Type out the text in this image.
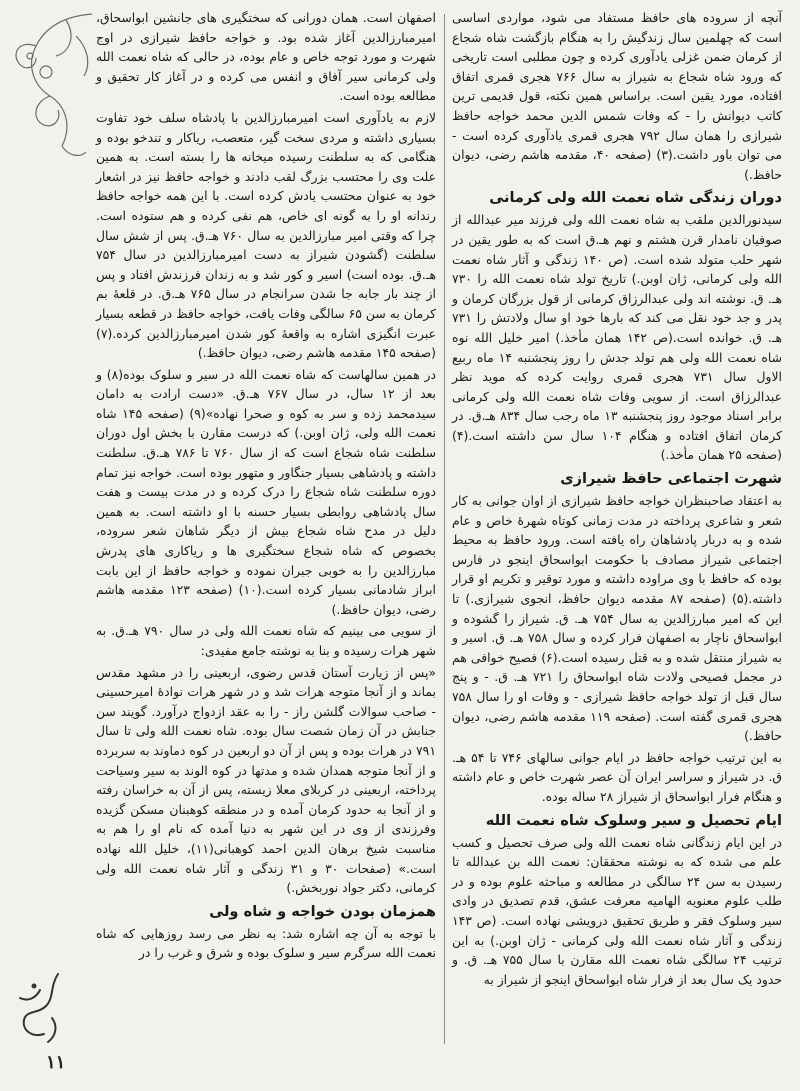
آنچه از سروده های حافظ مستفاد می شود، مواردی اساسی است که چهلمین سال زندگیش را به هنگام بازگشت شاه شجاع از کرمان ضمن غزلی یادآوری کرده و چون مطلبی است تاریخی که ورود شاه شجاع به شیراز به سال ۷۶۶ هجری قمری اتفاق افتاده، مورد یقین است. براساس همین نکته، قول قدیمی ترین کاتب دیوانش را - که وفات شمس الدین محمد خواجه حافظ شیرازی را همان سال ۷۹۲ هجری قمری یادآوری کرده است - می توان باور داشت.(۳) (صفحه ۴۰، مقدمه هاشم رضی، دیوان حافظ.)

دوران زندگی شاه نعمت الله ولی کرمانی

سیدنورالدین ملقب به شاه نعمت الله ولی فرزند میر عبدالله از صوفیان نامدار قرن هشتم و نهم هـ.ق است که به طور یقین در شهر حلب متولد شده است. (ص ۱۴۰ زندگی و آثار شاه نعمت الله ولی کرمانی، ژان اوبن.) تاریخ تولد شاه نعمت الله را ۷۳۰ هـ. ق. نوشته اند ولی عبدالرزاق کرمانی از قول بزرگان کرمان و پدر و جد خود نقل می کند که بارها خود او سال ولادتش را ۷۳۱ هـ. ق. خوانده است.(ص ۱۴۲ همان مأخذ.) امیر خلیل الله نوه شاه نعمت الله ولی هم تولد جدش را روز پنجشنبه ۱۴ ماه ربیع الاول سال ۷۳۱ هجری قمری روایت کرده که موید نظر عبدالرزاق است. از سویی وفات شاه نعمت الله ولی کرمانی برابر اسناد موجود روز پنجشنبه ۱۳ ماه رجب سال ۸۳۴ هـ.ق. در کرمان اتفاق افتاده و هنگام ۱۰۴ سال سن داشته است.(۴) (صفحه ۲۵ همان مأخذ.)

شهرت اجتماعی حافظ شیرازی

به اعتقاد صاحبنظران خواجه حافظ شیرازی از اوان جوانی به کار شعر و شاعری پرداخته در مدت زمانی کوتاه شهرهٔ خاص و عام شده و به دربار پادشاهان راه یافته است. ورود حافظ به محیط اجتماعی شیراز مصادف با حکومت ابواسحاق اینجو در فارس بوده که حافظ با وی مراوده داشته و مورد توقیر و تکریم او قرار داشته.(۵) (صفحه ۸۷ مقدمه دیوان حافظ، انجوی شیرازی.) تا این که امیر مبارزالدین به سال ۷۵۴ هـ. ق. شیراز را گشوده و ابواسحاق ناچار به اصفهان فرار کرده و سال ۷۵۸ هـ. ق. اسیر و به شیراز منتقل شده و به قتل رسیده است.(۶) فصیح خوافی هم در مجمل فصیحی ولادت شاه ابواسحاق را ۷۲۱ هـ. ق. - و پنج سال قبل از تولد خواجه حافظ شیرازی - و وفات او را سال ۷۵۸ هجری قمری گفته است. (صفحه ۱۱۹ مقدمه هاشم رضی، دیوان حافظ.)

به این ترتیب خواجه حافظ در ایام جوانی سالهای ۷۴۶ تا ۵۴ هـ. ق. در شیراز و سراسر ایران آن عصر شهرت خاص و عام داشته و هنگام فرار ابواسحاق از شیراز ۲۸ ساله بوده.

ایام تحصیل و سیر وسلوک شاه نعمت الله

در این ایام زندگانی شاه نعمت الله ولی صرف تحصیل و کسب علم می شده که به نوشته محققان: نعمت الله بن عبدالله تا رسیدن به سن ۲۴ سالگی در مطالعه و مباحثه علوم بوده و در طلب علوم معنویه الهامیه معرفت عشق، قدم تصدیق در وادی سیر وسلوک فقر و طریق تحقیق درویشی نهاده است. (ص ۱۴۳ زندگی و آثار شاه نعمت الله ولی کرمانی - ژان اوبن.) به این ترتیب ۲۴ سالگی شاه نعمت الله مقارن با سال ۷۵۵ هـ. ق. و حدود یک سال بعد از فرار شاه ابواسحاق اینجو از شیراز به

اصفهان است. همان دورانی که سختگیری های جانشین ابواسحاق، امیرمبارزالدین آغاز شده بود. و خواجه حافظ شیرازی در اوج شهرت و مورد توجه خاص و عام بوده، در حالی که شاه نعمت الله ولی کرمانی سیر آفاق و انفس می کرده و در آغاز کار تحقیق و مطالعه بوده است.

لازم به یادآوری است امیرمبارزالدین با پادشاه سلف خود تفاوت بسیاری داشته و مردی سخت گیر، متعصب، ریاکار و تندخو بوده و هنگامی که به سلطنت رسیده میخانه ها را بسته است. به همین علت وی را محتسب بزرگ لقب دادند و خواجه حافظ نیز در اشعار خود به عنوان محتسب یادش کرده است. با این همه خواجه حافظ رندانه او را به گونه ای خاص، هم نفی کرده و هم ستوده است. چرا که وقتی امیر مبارزالدین به سال ۷۶۰ هـ.ق. پس از شش سال سلطنت (گشودن شیراز به دست امیرمبارزالدین در سال ۷۵۴ هـ.ق. بوده است) اسیر و کور شد و به زندان فرزندش افتاد و پس از چند بار جابه جا شدن سرانجام در سال ۷۶۵ هـ.ق. در قلعهٔ بم کرمان به سن ۶۵ سالگی وفات یافت، خواجه حافظ در قطعه بسیار عبرت انگیزی اشاره به واقعهٔ کور شدن امیرمبارزالدین کرده.(۷) (صفحه ۱۴۵ مقدمه هاشم رضی، دیوان حافظ.)

در همین سالهاست که شاه نعمت الله در سیر و سلوک بوده(۸) و بعد از ۱۲ سال، در سال ۷۶۷ هـ.ق. «دست ارادت به دامان سیدمحمد زده و سر به کوه و صحرا نهاده»(۹) (صفحه ۱۴۵ شاه نعمت الله ولی، ژان اوبن.) که درست مقارن با بخش اول دوران سلطنت شاه شجاع است که از سال ۷۶۰ تا ۷۸۶ هـ.ق. سلطنت داشته و پادشاهی بسیار جنگاور و متهور بوده است. خواجه نیز تمام دوره سلطنت شاه شجاع را درک کرده و در مدت بیست و هفت سال پادشاهی روابطی بسیار حسنه با او داشته است. به همین دلیل در مدح شاه شجاع بیش از دیگر شاهان شعر سروده، بخصوص که شاه شجاع سختگیری ها و ریاکاری های پدرش مبارزالدین را به خوبی جبران نموده و خواجه حافظ از این بابت ابراز شادمانی بسیار کرده است.(۱۰) (صفحه ۱۲۳ مقدمه هاشم رضی، دیوان حافظ.)

از سویی می بینیم که شاه نعمت الله ولی در سال ۷۹۰ هـ.ق. به شهر هرات رسیده و بنا به نوشته جامع مفیدی:

«پس از زیارت آستان قدس رضوی، اربعینی را در مشهد مقدس بماند و از آنجا متوجه هرات شد و در شهر هرات نوادهٔ امیرحسینی - صاحب سوالات گلشن راز - را به عقد ازدواج درآورد. گویند سن جنابش در آن زمان شصت سال بوده. شاه نعمت الله ولی تا سال ۷۹۱ در هرات بوده و پس از آن دو اربعین در کوه دماوند به سربرده و از آنجا متوجه همدان شده و مدتها در کوه الوند به سیر وسیاحت پرداخته، اربعینی در کربلای معلا زیسته، پس از آن به خراسان رفته و از آنجا به حدود کرمان آمده و در منطقه کوهبنان مسکن گزیده وفرزندی از وی در این شهر به دنیا آمده که نام او را هم به مناسبت شیخ برهان الدین احمد کوهبانی(۱۱)، خلیل الله نهاده است.» (صفحات ۳۰ و ۳۱ زندگی و آثار شاه نعمت الله ولی کرمانی، دکتر جواد نوربخش.)

همزمان بودن خواجه و شاه ولی

با توجه به آن چه اشاره شد: به نظر می رسد روزهایی که شاه نعمت الله سرگرم سیر و سلوک بوده و شرق و غرب را در

۱۱
